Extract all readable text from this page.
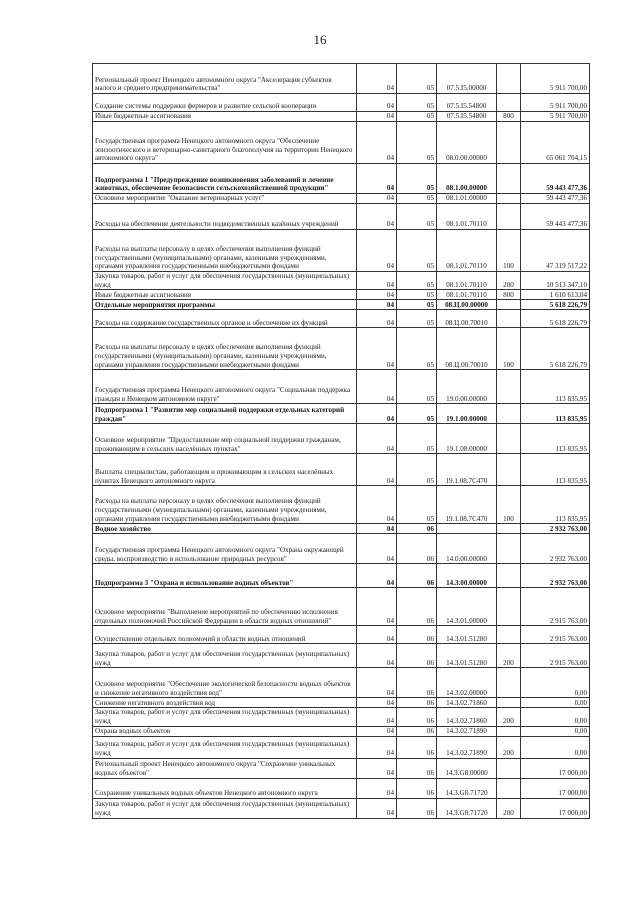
16
Региональный проект Ненецкого автономного округа "Акселерация субъектов малого и среднего предпринимательства"	04	05	07.5.I5.00000		5 911 700,00
Создание системы поддержки фермеров и развитие сельской кооперации	04	05	07.5.I5.54800		5 911 700,00
Иные бюджетные ассигнования	04	05	07.5.I5.54800	800	5 911 700,00
Государственная программа Ненецкого автономного округа "Обеспечение эпизоотического и ветеринарно-санитарного благополучия на территории Ненецкого автономного округа"	04	05	08.0.00.00000		65 061 704,15
Подпрограмма 1 "Предупреждение возникновения заболеваний и лечение животных, обеспечение безопасности сельскохозяйственной продукции"	04	05	08.1.00.00000		59 443 477,36
Основное мероприятие "Оказание ветеринарных услуг"	04	05	08.1.01.00000		59 443 477,36
Расходы на обеспечение деятельности подведомственных казённых учреждений	04	05	08.1.01.70110		59 443 477,36
Расходы на выплаты персоналу в целях обеспечения выполнения функций государственными (муниципальными) органами, казенными учреждениями, органами управления государственными внебюджетными фондами	04	05	08.1.01.70110	100	47 319 517,22
Закупка товаров, работ и услуг для обеспечения государственных (муниципальных) нужд	04	05	08.1.01.70110	200	10 513 347,10
Иные бюджетные ассигнования	04	05	08.1.01.70110	800	1 610 613,04
Отдельные мероприятия программы	04	05	08.Ц.00.00000		5 618 226,79
Расходы на содержание государственных органов и обеспечение их функций	04	05	08.Ц.00.70010		5 618 226,79
Расходы на выплаты персоналу в целях обеспечения выполнения функций государственными (муниципальными) органами, казенными учреждениями, органами управления государственными внебюджетными фондами	04	05	08.Ц.00.70010	100	5 618 226,79
Государственная программа Ненецкого автономного округа "Социальная поддержка граждан в Ненецком автономном округе"	04	05	19.0.00.00000		113 835,95
Подпрограмма 1 "Развитие мер социальной поддержки отдельных категорий граждан"	04	05	19.1.00.00000		113 835,95
Основное мероприятие "Предоставление мер социальной поддержки гражданам, проживающим в сельских населённых пунктах"	04	05	19.1.08.00000		113 835,95
Выплаты специалистам, работающим и проживающим в сельских населённых пунктах Ненецкого автономного округа	04	05	19.1.08.7С470		113 835,95
Расходы на выплаты персоналу в целях обеспечения выполнения функций государственными (муниципальными) органами, казенными учреждениями, органами управления государственными внебюджетными фондами	04	05	19.1.08.7С470	100	113 835,95
Водное хозяйство	04	06			2 932 763,00
Государственная программа Ненецкого автономного округа "Охрана окружающей среды, воспроизводство и использование природных ресурсов"	04	06	14.0.00.00000		2 932 763,00
Подпрограмма 3 "Охрана и использование водных объектов"	04	06	14.3.00.00000		2 932 763,00
Основное мероприятие "Выполнение мероприятий по обеспечению исполнения отдельных полномочий Российской Федерации в области водных отношений"	04	06	14.3.01.00000		2 915 763,00
Осуществление отдельных полномочий в области водных отношений	04	06	14.3.01.51280		2 915 763,00
Закупка товаров, работ и услуг для обеспечения государственных (муниципальных) нужд	04	06	14.3.01.51280	200	2 915 763,00
Основное мероприятие "Обеспечение экологической безопасности водных объектов и снижение негативного воздействия вод"	04	06	14.3.02.00000		0,00
Снижение негативного воздействия вод	04	06	14.3.02.71860		0,00
Закупка товаров, работ и услуг для обеспечения государственных (муниципальных) нужд	04	06	14.3.02.71860	200	0,00
Охрана водных объектов	04	06	14.3.02.71890		0,00
Закупка товаров, работ и услуг для обеспечения государственных (муниципальных) нужд	04	06	14.3.02.71890	200	0,00
Региональный проект Ненецкого автономного округа "Сохранение уникальных водных объектов"	04	06	14.3.G8.00000		17 000,00
Сохранение уникальных водных объектов Ненецкого автономного округа	04	06	14.3.G8.71720		17 000,00
Закупка товаров, работ и услуг для обеспечения государственных (муниципальных) нужд	04	06	14.3.G8.71720	200	17 000,00
